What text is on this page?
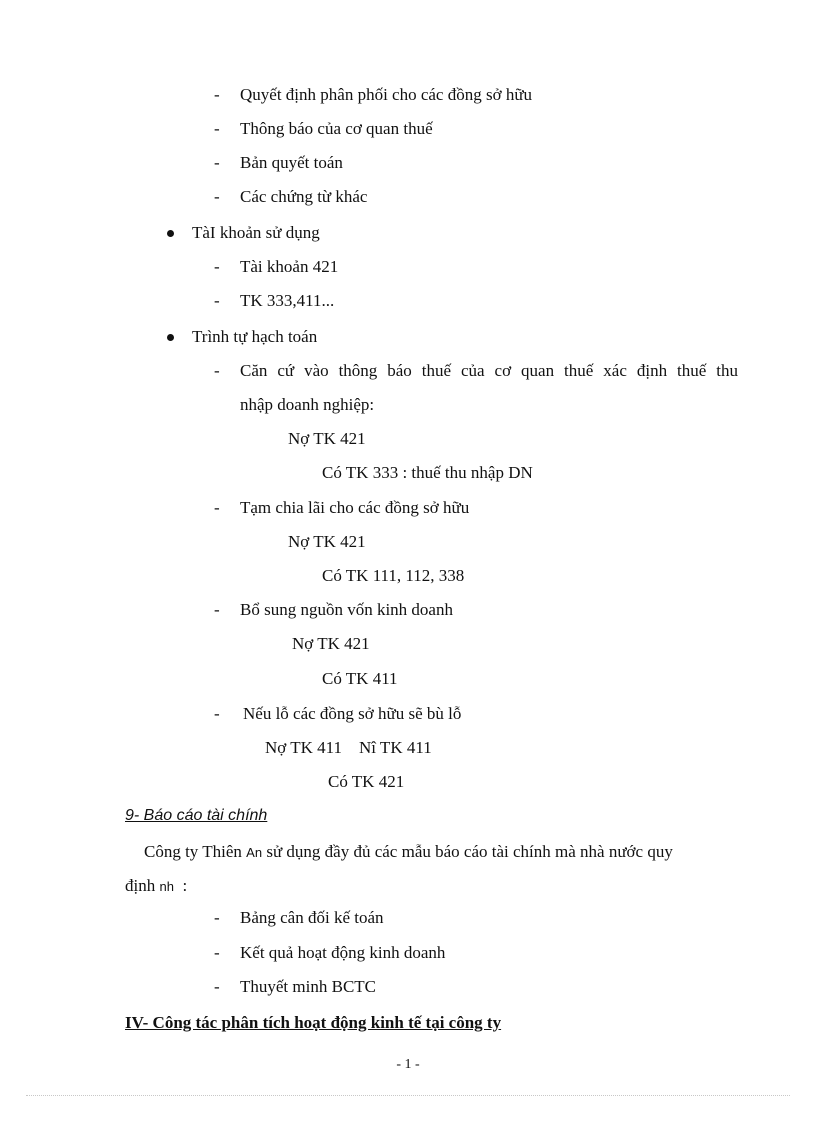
- Quyết định phân phối cho các đồng sở hữu
- Thông báo của cơ quan thuế
- Bản quyết toán
- Các chứng từ khác
TàI khoản sử dụng
- Tài khoản 421
- TK 333,411...
Trình tự hạch toán
- Căn cứ vào thông báo thuế của cơ quan thuế xác định thuế thu
nhập doanh nghiệp:
Nợ TK 421
Có TK 333 : thuế thu nhập DN
- Tạm chia lãi cho các đồng sở hữu
Nợ TK 421
Có TK 111, 112, 338
- Bổ sung nguồn vốn kinh doanh
Nợ TK 421
Có TK 411
- Nếu lỗ các đồng sở hữu sẽ bù lỗ
Nợ TK 411    Nî TK 411
Có TK 421
9- Báo cáo tài chính
Công ty Thiên An sử dụng đầy đủ các mẫu báo cáo tài chính mà nhà nước quy
định nh  :
- Bảng cân đối kế toán
- Kết quả hoạt động kinh doanh
- Thuyết minh BCTC
IV- Công tác phân tích hoạt động kinh tế tại công ty
- 1 -
